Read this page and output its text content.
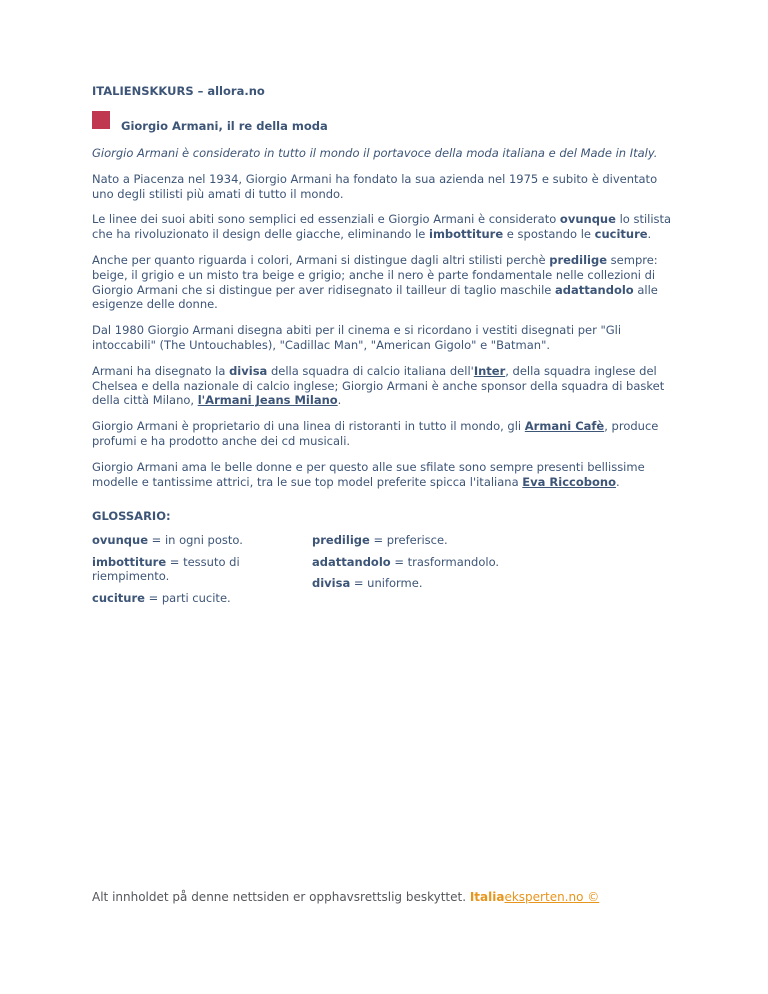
ITALIENSKKURS – allora.no
Giorgio Armani, il re della moda

Giorgio Armani è considerato in tutto il mondo il portavoce della moda italiana e del Made in Italy.

Nato a Piacenza nel 1934, Giorgio Armani ha fondato la sua azienda nel 1975 e subito è diventato uno degli stilisti più amati di tutto il mondo.

Le linee dei suoi abiti sono semplici ed essenziali e Giorgio Armani è considerato ovunque lo stilista che ha rivoluzionato il design delle giacche, eliminando le imbottiture e spostando le cuciture.

Anche per quanto riguarda i colori, Armani si distingue dagli altri stilisti perchè predilige sempre: beige, il grigio e un misto tra beige e grigio; anche il nero è parte fondamentale nelle collezioni di Giorgio Armani che si distingue per aver ridisegnato il tailleur di taglio maschile adattandolo alle esigenze delle donne.

Dal 1980 Giorgio Armani disegna abiti per il cinema e si ricordano i vestiti disegnati per "Gli intoccabili" (The Untouchables), "Cadillac Man", "American Gigolo" e "Batman".

Armani ha disegnato la divisa della squadra di calcio italiana dell'Inter, della squadra inglese del Chelsea e della nazionale di calcio inglese; Giorgio Armani è anche sponsor della squadra di basket della città Milano, l'Armani Jeans Milano.

Giorgio Armani è proprietario di una linea di ristoranti in tutto il mondo, gli Armani Cafè, produce profumi e ha prodotto anche dei cd musicali.

Giorgio Armani ama le belle donne e per questo alle sue sfilate sono sempre presenti bellissime modelle e tantissime attrici, tra le sue top model preferite spicca l'italiana Eva Riccobono.

GLOSSARIO:
ovunque = in ogni posto.
imbottiture = tessuto di riempimento.
cuciture = parti cucite.
predilige = preferisce.
adattandolo = trasformandolo.
divisa = uniforme.
Alt innholdet på denne nettsiden er opphavsrettslig beskyttet. Italiaeksperten.no ©
